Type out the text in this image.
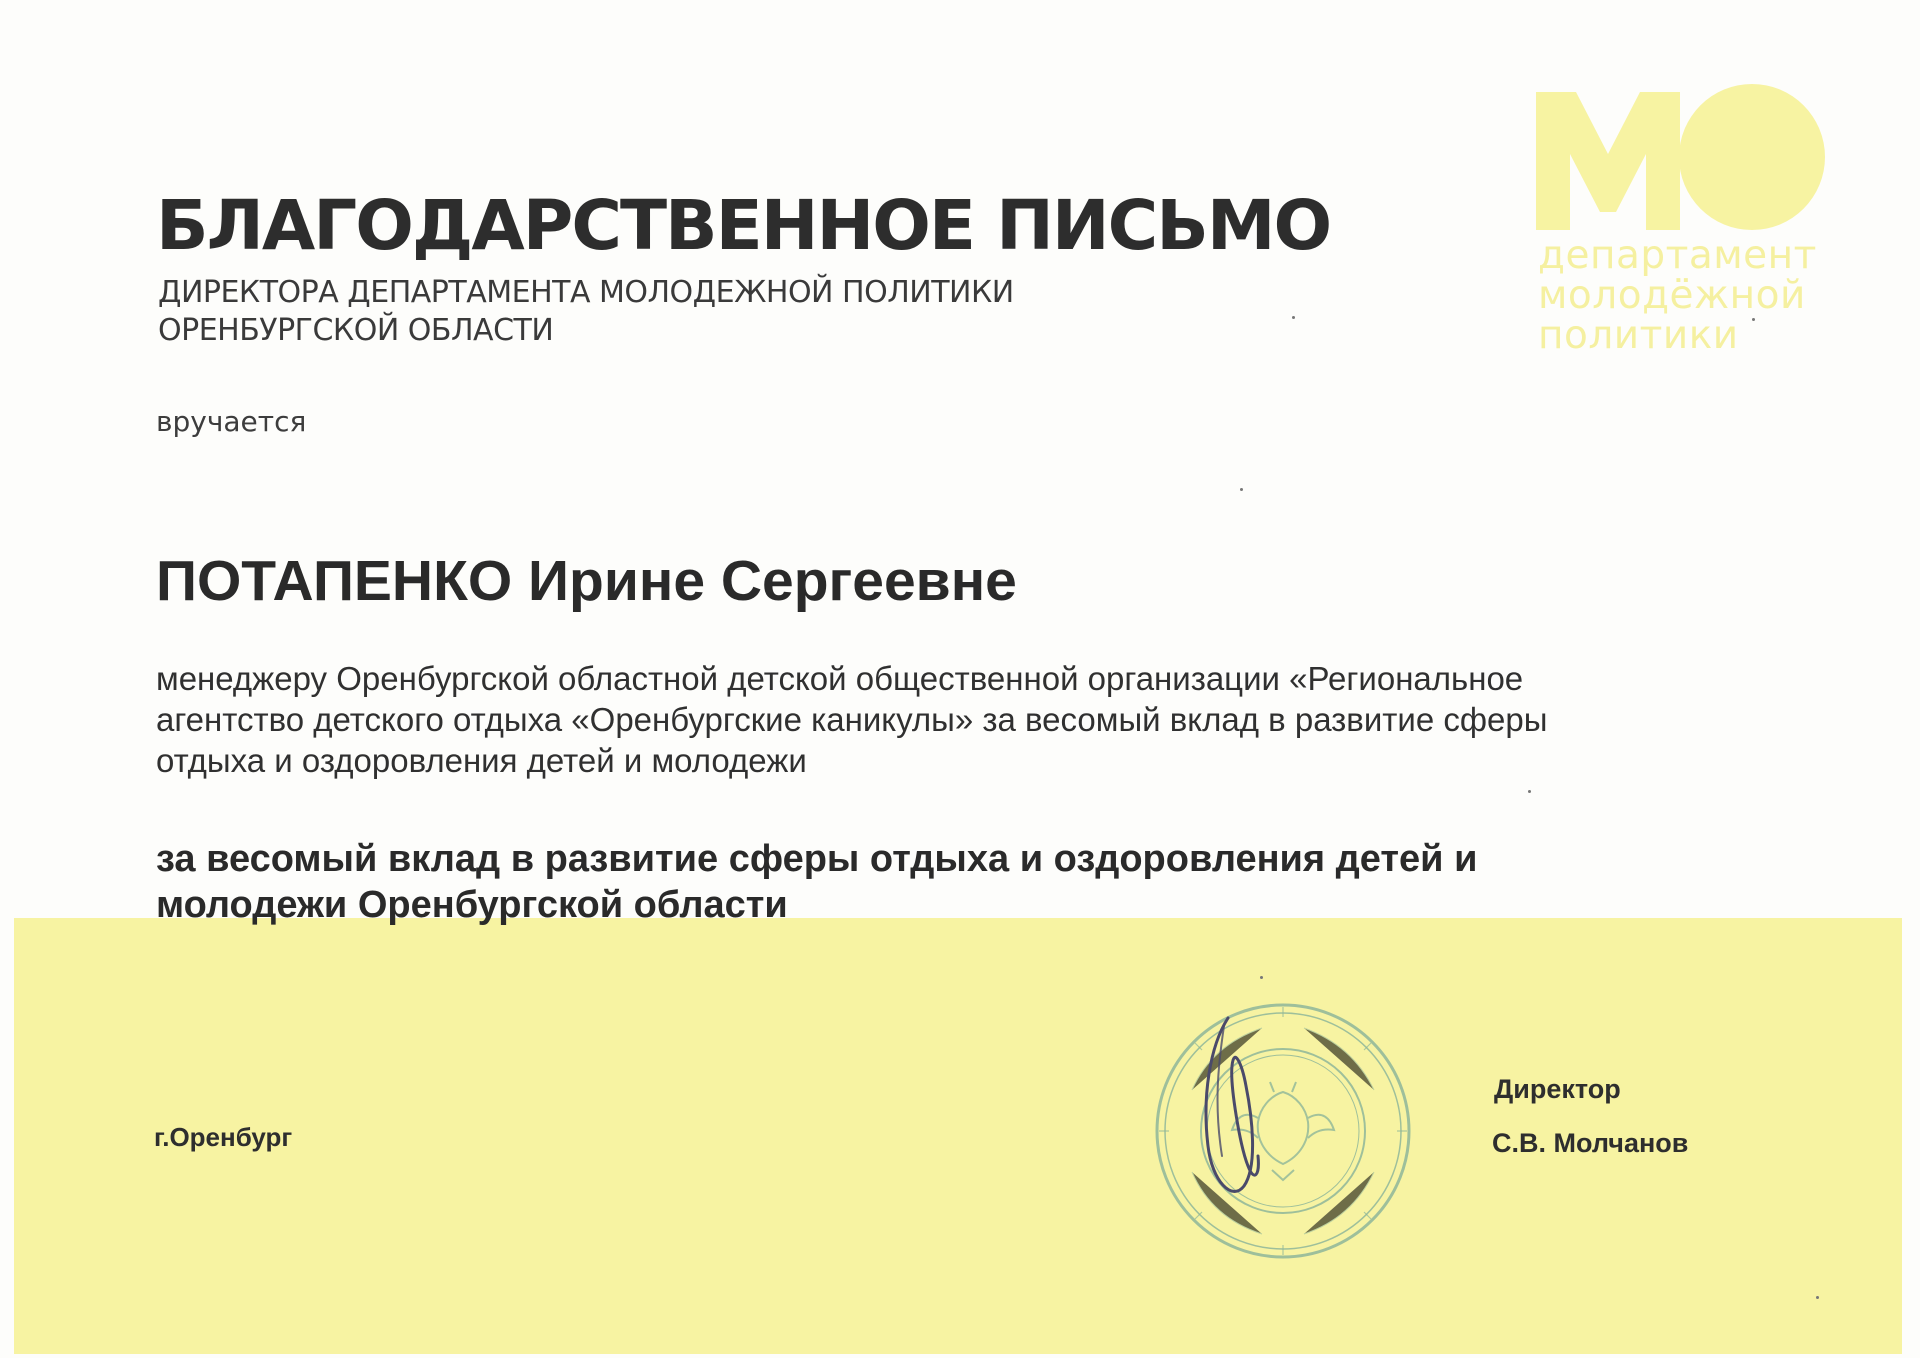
департамент
молодёжной
политики
БЛАГОДАРСТВЕННОЕ ПИСЬМО
ДИРЕКТОРА ДЕПАРТАМЕНТА МОЛОДЕЖНОЙ ПОЛИТИКИ
ОРЕНБУРГСКОЙ ОБЛАСТИ
вручается
ПОТАПЕНКО Ирине Сергеевне
менеджеру Оренбургской областной детской общественной организации «Региональное
агентство детского отдыха «Оренбургские каникулы» за весомый вклад в развитие сферы
отдыха и оздоровления детей и молодежи
за весомый вклад в развитие сферы отдыха и оздоровления детей и
молодежи Оренбургской области
г.Оренбург
Директор
С.В. Молчанов
